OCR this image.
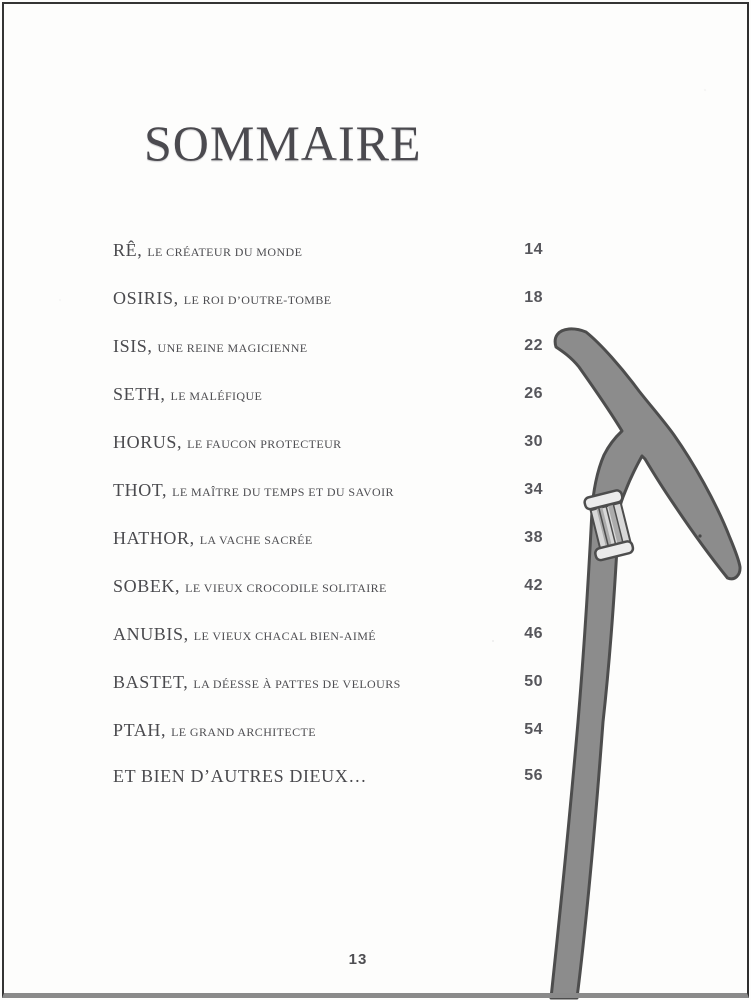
SOMMAIRE
RÊ, LE CRÉATEUR DU MONDE	14
OSIRIS, LE ROI D’OUTRE-TOMBE	18
ISIS, UNE REINE MAGICIENNE	22
SETH, LE MALÉFIQUE	26
HORUS, LE FAUCON PROTECTEUR	30
THOT, LE MAÎTRE DU TEMPS ET DU SAVOIR	34
HATHOR, LA VACHE SACRÉE	38
SOBEK, LE VIEUX CROCODILE SOLITAIRE	42
ANUBIS, LE VIEUX CHACAL BIEN-AIMÉ	46
BASTET, LA DÉESSE À PATTES DE VELOURS	50
PTAH, LE GRAND ARCHITECTE	54
ET BIEN D’AUTRES DIEUX…	56
13
